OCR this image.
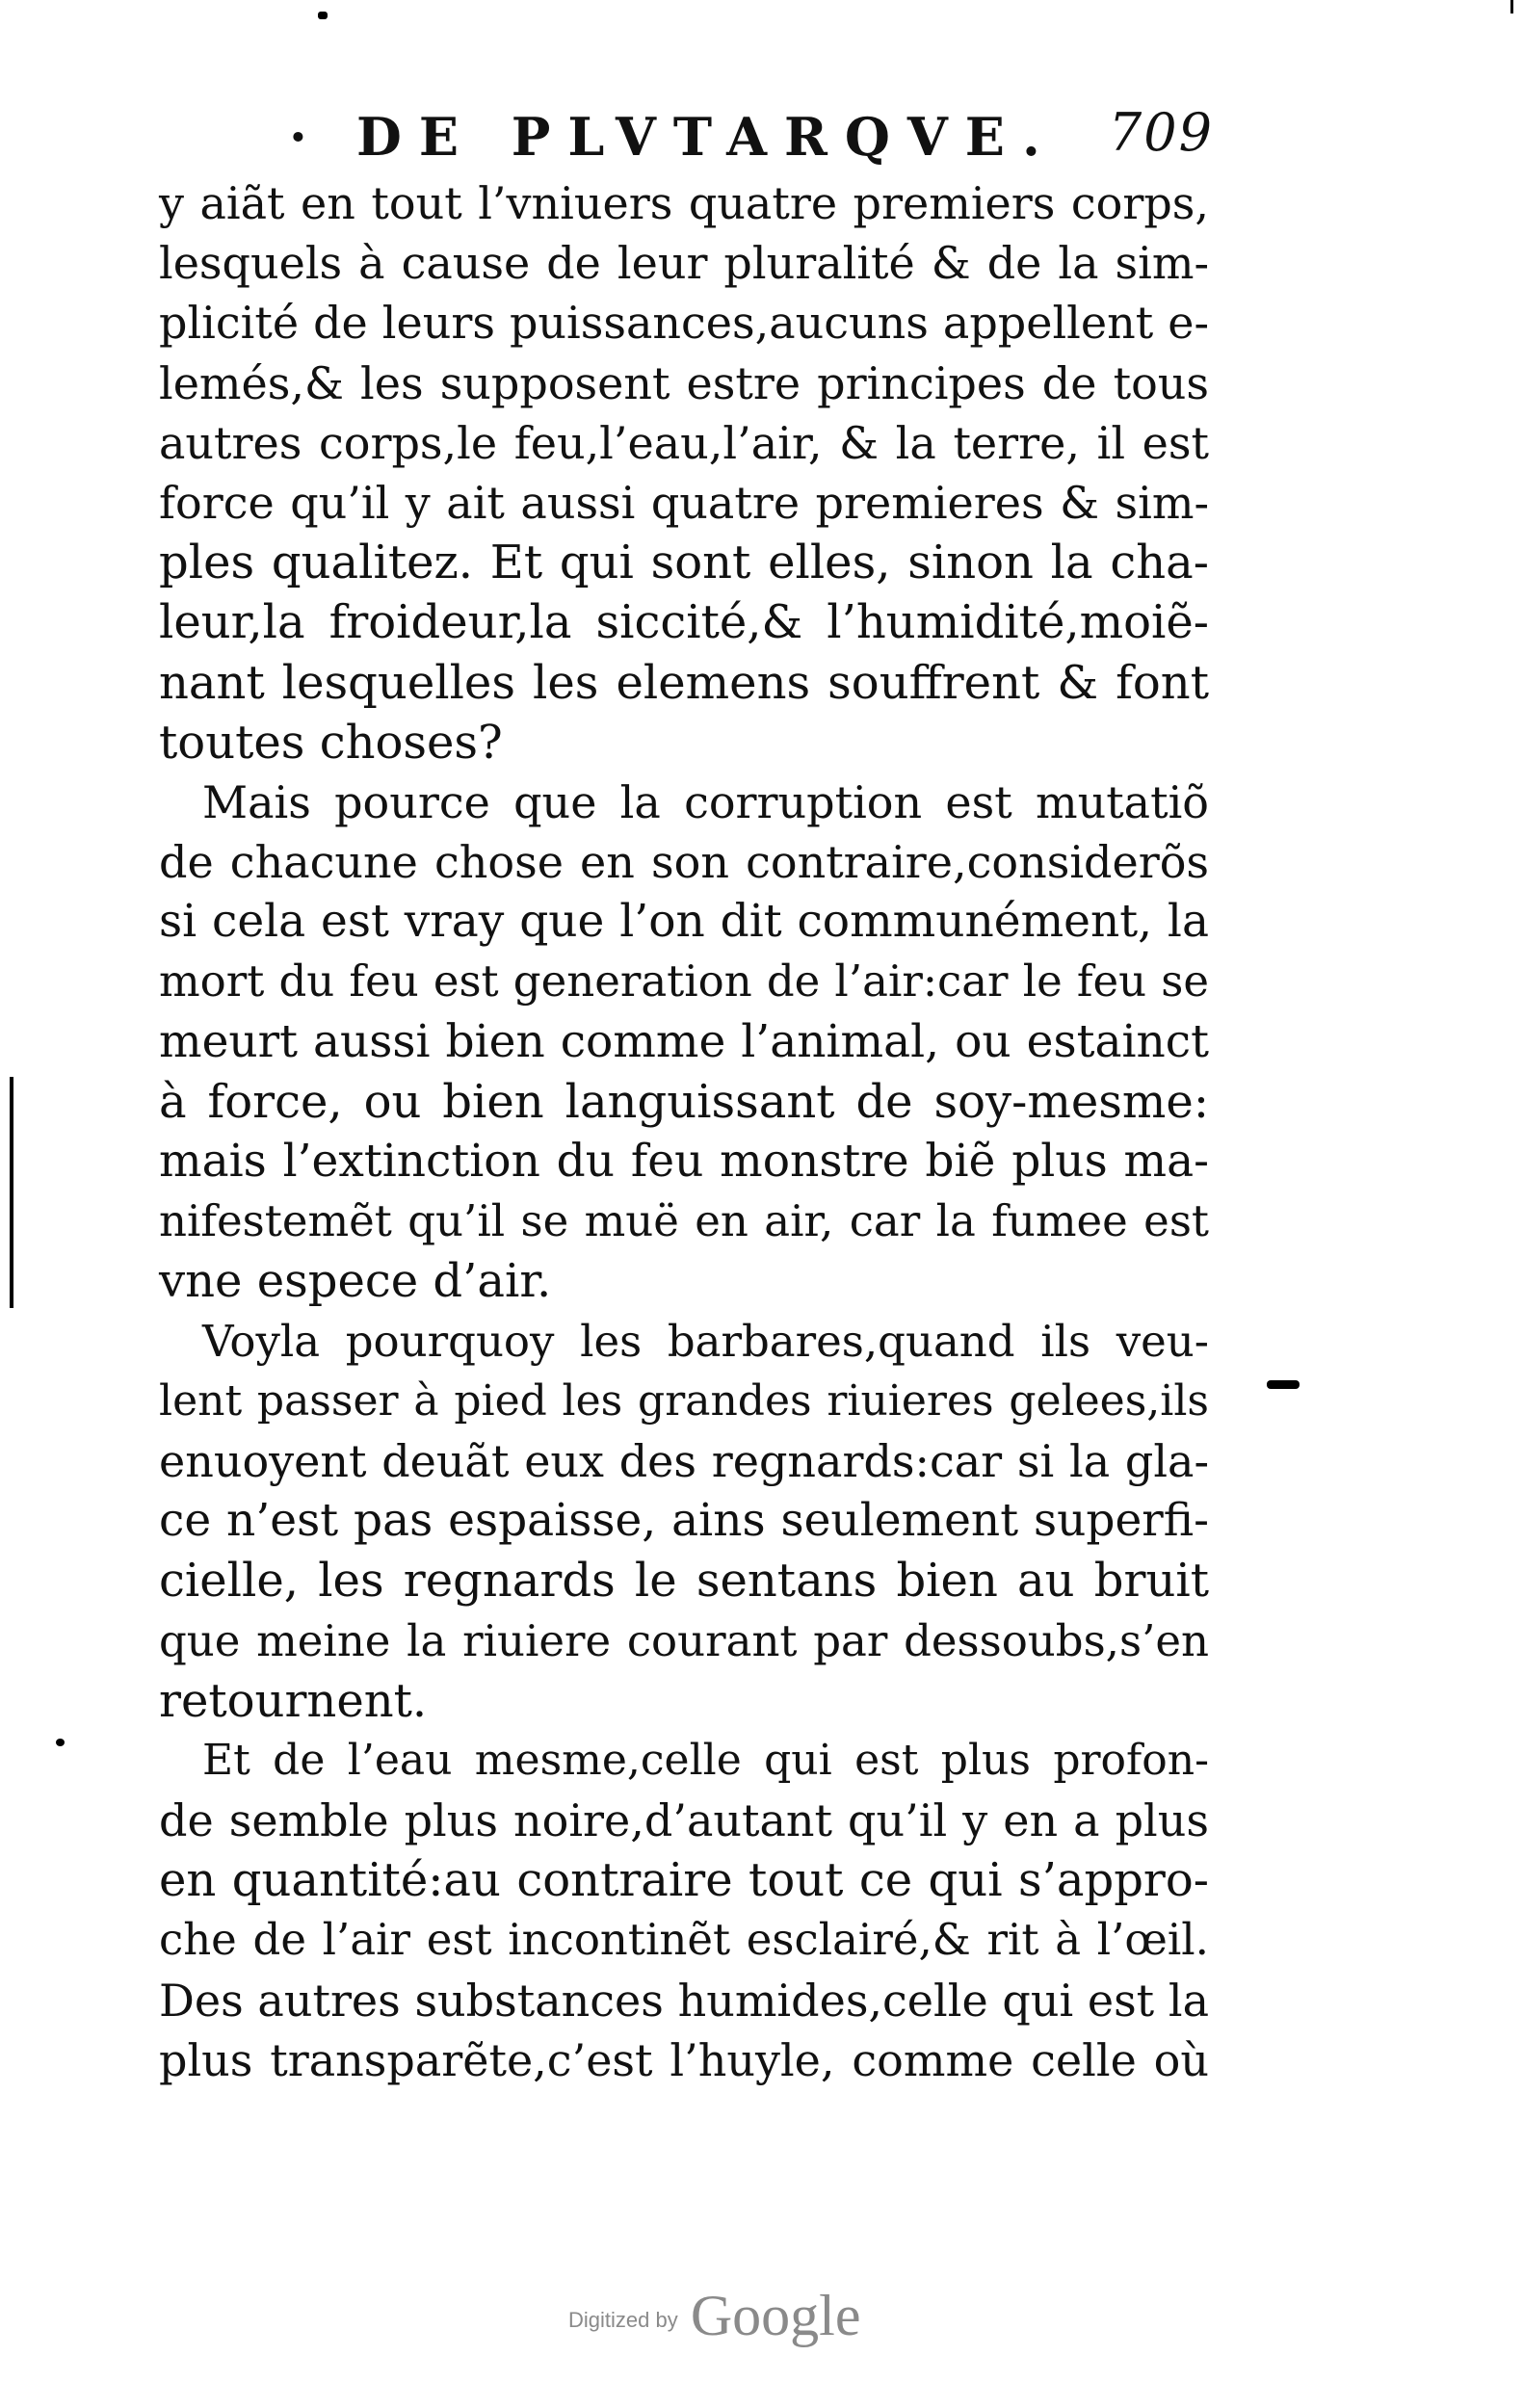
· DE PLVTARQVE. 709
y aiãt en tout l’vniuers quatre premiers corps,
lesquels à cause de leur pluralité & de la sim-
plicité de leurs puissances,aucuns appellent e-
lemés,& les supposent estre principes de tous
autres corps,le feu,l’eau,l’air, & la terre, il est
force qu’il y ait aussi quatre premieres & sim-
ples qualitez. Et qui sont elles, sinon la cha-
leur,la froideur,la siccité,& l’humidité,moiẽ-
nant lesquelles les elemens souffrent & font
toutes choses?
Mais pource que la corruption est mutatiõ
de chacune chose en son contraire,considerõs
si cela est vray que l’on dit communément, la
mort du feu est generation de l’air:car le feu se
meurt aussi bien comme l’animal, ou estainct
à force, ou bien languissant de soy-mesme:
mais l’extinction du feu monstre biẽ plus ma-
nifestemẽt qu’il se muë en air, car la fumee est
vne espece d’air.
Voyla pourquoy les barbares,quand ils veu-
lent passer à pied les grandes riuieres gelees,ils
enuoyent deuãt eux des regnards:car si la gla-
ce n’est pas espaisse, ains seulement superfi-
cielle, les regnards le sentans bien au bruit
que meine la riuiere courant par dessoubs,s’en
retournent.
Et de l’eau mesme,celle qui est plus profon-
de semble plus noire,d’autant qu’il y en a plus
en quantité:au contraire tout ce qui s’appro-
che de l’air est incontinẽt esclairé,& rit à l’œil.
Des autres substances humides,celle qui est la
plus transparẽte,c’est l’huyle, comme celle où
Digitized by Google
